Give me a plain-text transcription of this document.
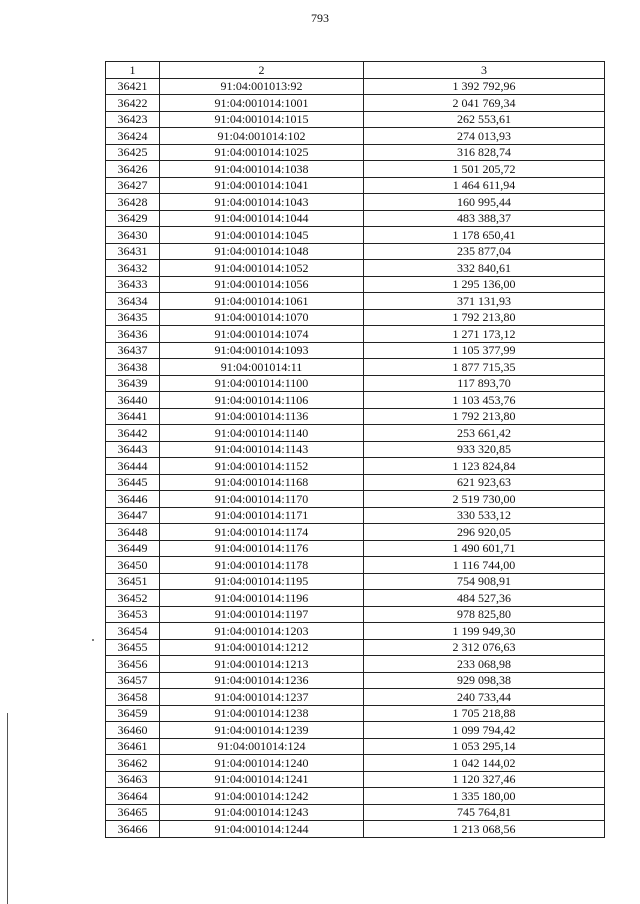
793
1	2	3
36421	91:04:001013:92	1 392 792,96
36422	91:04:001014:1001	2 041 769,34
36423	91:04:001014:1015	262 553,61
36424	91:04:001014:102	274 013,93
36425	91:04:001014:1025	316 828,74
36426	91:04:001014:1038	1 501 205,72
36427	91:04:001014:1041	1 464 611,94
36428	91:04:001014:1043	160 995,44
36429	91:04:001014:1044	483 388,37
36430	91:04:001014:1045	1 178 650,41
36431	91:04:001014:1048	235 877,04
36432	91:04:001014:1052	332 840,61
36433	91:04:001014:1056	1 295 136,00
36434	91:04:001014:1061	371 131,93
36435	91:04:001014:1070	1 792 213,80
36436	91:04:001014:1074	1 271 173,12
36437	91:04:001014:1093	1 105 377,99
36438	91:04:001014:11	1 877 715,35
36439	91:04:001014:1100	117 893,70
36440	91:04:001014:1106	1 103 453,76
36441	91:04:001014:1136	1 792 213,80
36442	91:04:001014:1140	253 661,42
36443	91:04:001014:1143	933 320,85
36444	91:04:001014:1152	1 123 824,84
36445	91:04:001014:1168	621 923,63
36446	91:04:001014:1170	2 519 730,00
36447	91:04:001014:1171	330 533,12
36448	91:04:001014:1174	296 920,05
36449	91:04:001014:1176	1 490 601,71
36450	91:04:001014:1178	1 116 744,00
36451	91:04:001014:1195	754 908,91
36452	91:04:001014:1196	484 527,36
36453	91:04:001014:1197	978 825,80
36454	91:04:001014:1203	1 199 949,30
36455	91:04:001014:1212	2 312 076,63
36456	91:04:001014:1213	233 068,98
36457	91:04:001014:1236	929 098,38
36458	91:04:001014:1237	240 733,44
36459	91:04:001014:1238	1 705 218,88
36460	91:04:001014:1239	1 099 794,42
36461	91:04:001014:124	1 053 295,14
36462	91:04:001014:1240	1 042 144,02
36463	91:04:001014:1241	1 120 327,46
36464	91:04:001014:1242	1 335 180,00
36465	91:04:001014:1243	745 764,81
36466	91:04:001014:1244	1 213 068,56
